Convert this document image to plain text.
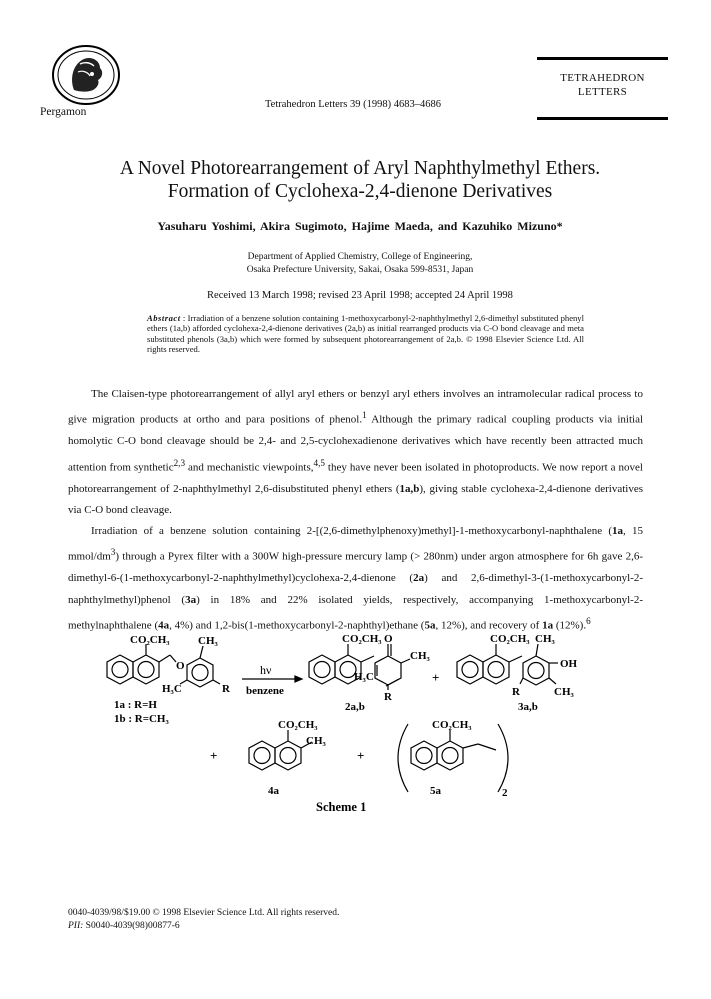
Pergamon
Tetrahedron Letters 39 (1998) 4683–4686
TETRAHEDRON
LETTERS
A Novel Photorearrangement of Aryl Naphthylmethyl Ethers.
Formation of Cyclohexa-2,4-dienone Derivatives
Yasuharu Yoshimi, Akira Sugimoto, Hajime Maeda, and Kazuhiko Mizuno*
Department of Applied Chemistry, College of Engineering,
Osaka Prefecture University, Sakai, Osaka 599-8531, Japan
Received 13 March 1998; revised 23 April 1998; accepted 24 April 1998
Abstract : Irradiation of a benzene solution containing 1-methoxycarbonyl-2-naphthylmethyl 2,6-dimethyl substituted phenyl ethers (1a,b) afforded cyclohexa-2,4-dienone derivatives (2a,b) as initial rearranged products via C-O bond cleavage and meta substituted phenols (3a,b) which were formed by subsequent photorearrangement of 2a,b. © 1998 Elsevier Science Ltd. All rights reserved.

The Claisen-type photorearrangement of allyl aryl ethers or benzyl aryl ethers involves an intramolecular radical process to give migration products at ortho and para positions of phenol.$^1$ Although the primary radical coupling products via initial homolytic C-O bond cleavage should be 2,4- and 2,5-cyclohexadienone derivatives which have recently been attracted much attention from synthetic$^{2,3}$ and mechanistic viewpoints,$^{4,5}$ they have never been isolated in photoproducts. We now report a novel photorearrangement of 2-naphthylmethyl 2,6-disubstituted phenyl ethers (1a,b), giving stable cyclohexa-2,4-dienone derivatives via C-O bond cleavage.

Irradiation of a benzene solution containing 2-[(2,6-dimethylphenoxy)methyl]-1-methoxycarbonyl-naphthalene (1a, 15 mmol/$dm^3$) through a Pyrex filter with a 300W high-pressure mercury lamp (> 280nm) under argon atmosphere for 6h gave 2,6-dimethyl-6-(1-methoxycarbonyl-2-naphthylmethyl)cyclohexa-2,4-dienone (2a) and 2,6-dimethyl-3-(1-methoxycarbonyl-2-naphthylmethyl)phenol (3a) in 18% and 22% isolated yields, respectively, accompanying 1-methoxycarbonyl-2-methylnaphthalene (4a, 4%) and 1,2-bis(1-methoxycarbonyl-2-naphthyl)ethane (5a, 12%), and recovery of 1a (12%).$^6$

CO₂CH₃	CH₃
O
H₃C	R
1a : R=H
1b : R=CH₃
hν
benzene
CO₂CH₃ O
CH₃
H₃C
R
2a,b
+
CO₂CH₃ CH₃
OH
R	CH₃
3a,b
+
CO₂CH₃
CH₃
4a
+
CO₂CH₃
2
5a
Scheme 1
0040-4039/98/$19.00 © 1998 Elsevier Science Ltd. All rights reserved.
PII: S0040-4039(98)00877-6
